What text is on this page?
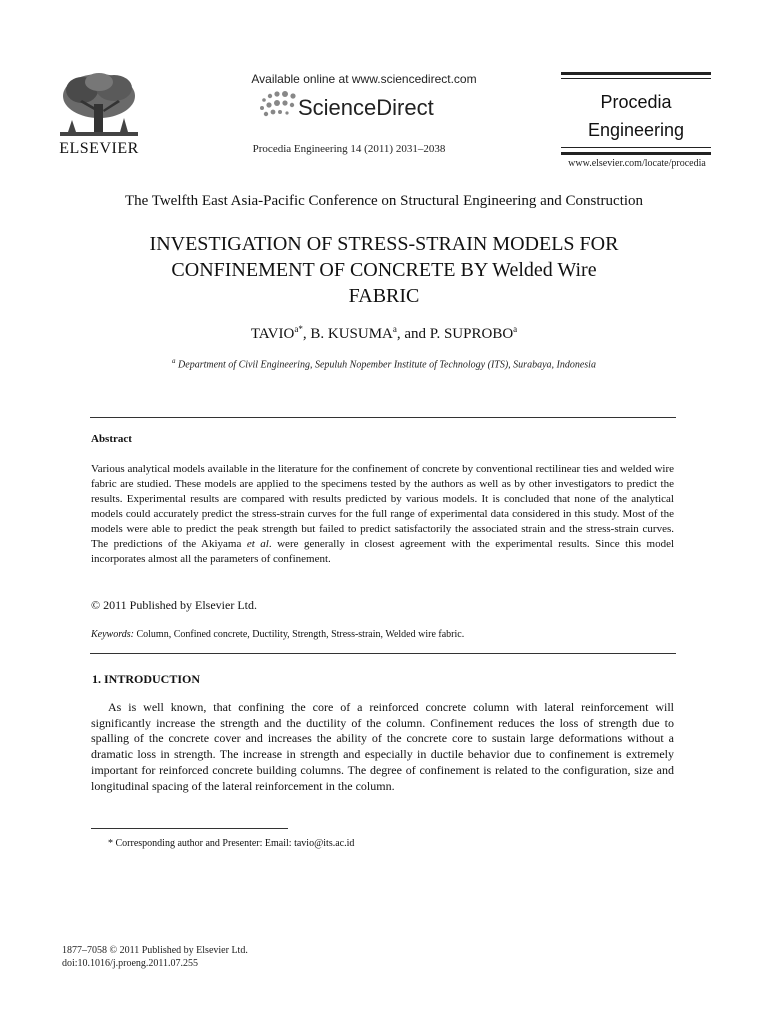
ELSEVIER
Available online at www.sciencedirect.com
ScienceDirect
Procedia Engineering 14 (2011) 2031–2038
Procedia
Engineering
www.elsevier.com/locate/procedia
The Twelfth East Asia-Pacific Conference on Structural Engineering and Construction
INVESTIGATION OF STRESS-STRAIN MODELS FOR
CONFINEMENT OF CONCRETE BY Welded Wire
FABRIC
$TAVIO^{a*}$, B. KUSUMA$^a$, and P. SUPROBO$^a$
$^a$ Department of Civil Engineering, Sepuluh Nopember Institute of Technology (ITS), Surabaya, Indonesia
Abstract
Various analytical models available in the literature for the confinement of concrete by conventional rectilinear ties and welded wire fabric are studied. These models are applied to the specimens tested by the authors as well as by other investigators to predict the results. Experimental results are compared with results predicted by various models. It is concluded that none of the analytical models could accurately predict the stress-strain curves for the full range of experimental data considered in this study. Most of the models were able to predict the peak strength but failed to predict satisfactorily the associated strain and the stress-strain curves. The predictions of the Akiyama et al. were generally in closest agreement with the experimental results. Since this model incorporates almost all the parameters of confinement.
© 2011 Published by Elsevier Ltd.
Keywords: Column, Confined concrete, Ductility, Strength, Stress-strain, Welded wire fabric.
1. INTRODUCTION
As is well known, that confining the core of a reinforced concrete column with lateral reinforcement will significantly increase the strength and the ductility of the column. Confinement reduces the loss of strength due to spalling of the concrete cover and increases the ability of the concrete core to sustain large deformations without a dramatic loss in strength. The increase in strength and especially in ductile behavior due to confinement is extremely important for reinforced concrete building columns. The degree of confinement is related to the configuration, size and longitudinal spacing of the lateral reinforcement in the column.
* Corresponding author and Presenter: Email: tavio@its.ac.id
1877–7058 © 2011 Published by Elsevier Ltd.
doi:10.1016/j.proeng.2011.07.255
